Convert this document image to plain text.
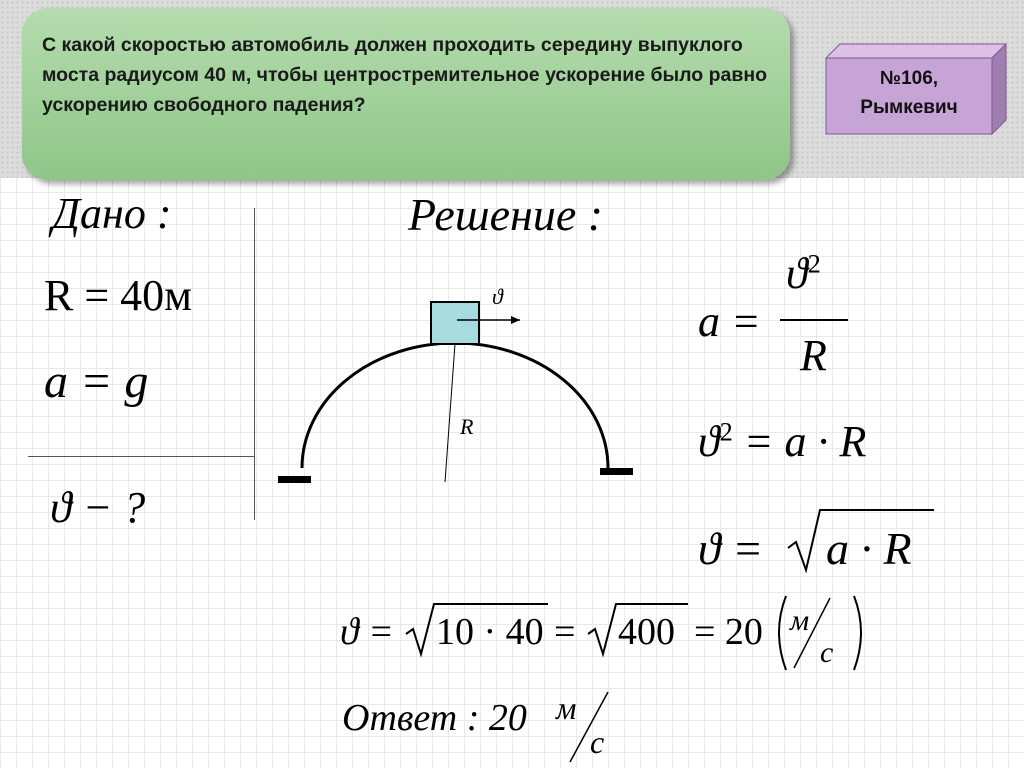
С какой скоростью автомобиль должен проходить середину выпуклого моста радиусом 40 м, чтобы центростремительное ускорение было равно ускорению свободного падения?
№106,
Рымкевич
Дано :
R = 40м
a = g
ϑ − ?
Решение :
ϑ
R
a =
$ϑ^2$
R
$ϑ^2 = a \cdot R$
ϑ = a · R
ϑ = 10 · 40 = 400 = 20 м
с
Ответ : 20 м
с
